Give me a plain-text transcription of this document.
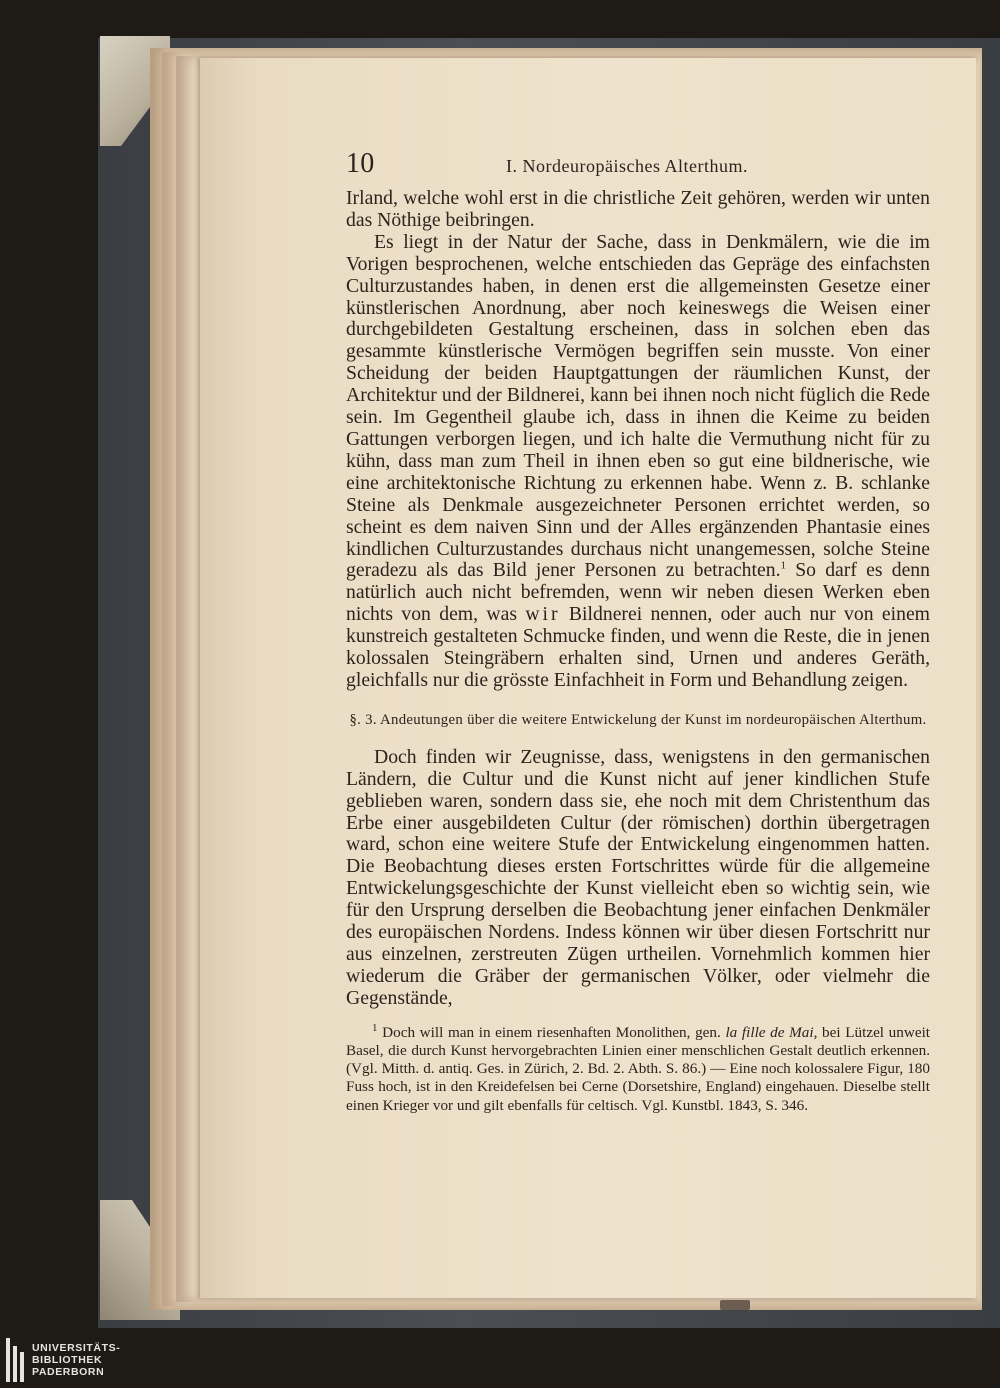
10	I. Nordeuropäisches Alterthum.

Irland, welche wohl erst in die christliche Zeit gehören, werden wir unten das Nöthige beibringen.

Es liegt in der Natur der Sache, dass in Denkmälern, wie die im Vorigen besprochenen, welche entschieden das Gepräge des einfachsten Culturzustandes haben, in denen erst die allgemeinsten Gesetze einer künstlerischen Anordnung, aber noch keineswegs die Weisen einer durchgebildeten Gestaltung erscheinen, dass in solchen eben das gesammte künstlerische Vermögen begriffen sein musste. Von einer Scheidung der beiden Hauptgattungen der räumlichen Kunst, der Architektur und der Bildnerei, kann bei ihnen noch nicht füglich die Rede sein. Im Gegentheil glaube ich, dass in ihnen die Keime zu beiden Gattungen verborgen liegen, und ich halte die Vermuthung nicht für zu kühn, dass man zum Theil in ihnen eben so gut eine bildnerische, wie eine architektonische Richtung zu erkennen habe. Wenn z. B. schlanke Steine als Denkmale ausgezeichneter Personen errichtet werden, so scheint es dem naiven Sinn und der Alles ergänzenden Phantasie eines kindlichen Culturzustandes durchaus nicht unangemessen, solche Steine geradezu als das Bild jener Personen zu betrachten.$^1$ So darf es denn natürlich auch nicht befremden, wenn wir neben diesen Werken eben nichts von dem, was wir Bildnerei nennen, oder auch nur von einem kunstreich gestalteten Schmucke finden, und wenn die Reste, die in jenen kolossalen Steingräbern erhalten sind, Urnen und anderes Geräth, gleichfalls nur die grösste Einfachheit in Form und Behandlung zeigen.

§. 3. Andeutungen über die weitere Entwickelung der Kunst im nordeuropäischen Alterthum.

Doch finden wir Zeugnisse, dass, wenigstens in den germanischen Ländern, die Cultur und die Kunst nicht auf jener kindlichen Stufe geblieben waren, sondern dass sie, ehe noch mit dem Christenthum das Erbe einer ausgebildeten Cultur (der römischen) dorthin übergetragen ward, schon eine weitere Stufe der Entwickelung eingenommen hatten. Die Beobachtung dieses ersten Fortschrittes würde für die allgemeine Entwickelungsgeschichte der Kunst vielleicht eben so wichtig sein, wie für den Ursprung derselben die Beobachtung jener einfachen Denkmäler des europäischen Nordens. Indess können wir über diesen Fortschritt nur aus einzelnen, zerstreuten Zügen urtheilen. Vornehmlich kommen hier wiederum die Gräber der germanischen Völker, oder vielmehr die Gegenstände,

$^1$ Doch will man in einem riesenhaften Monolithen, gen. la fille de Mai, bei Lützel unweit Basel, die durch Kunst hervorgebrachten Linien einer menschlichen Gestalt deutlich erkennen. (Vgl. Mitth. d. antiq. Ges. in Zürich, 2. Bd. 2. Abth. S. 86.) — Eine noch kolossalere Figur, 180 Fuss hoch, ist in den Kreidefelsen bei Cerne (Dorsetshire, England) eingehauen. Dieselbe stellt einen Krieger vor und gilt ebenfalls für celtisch. Vgl. Kunstbl. 1843, S. 346.
UNIVERSITÄTS-
BIBLIOTHEK
PADERBORN
